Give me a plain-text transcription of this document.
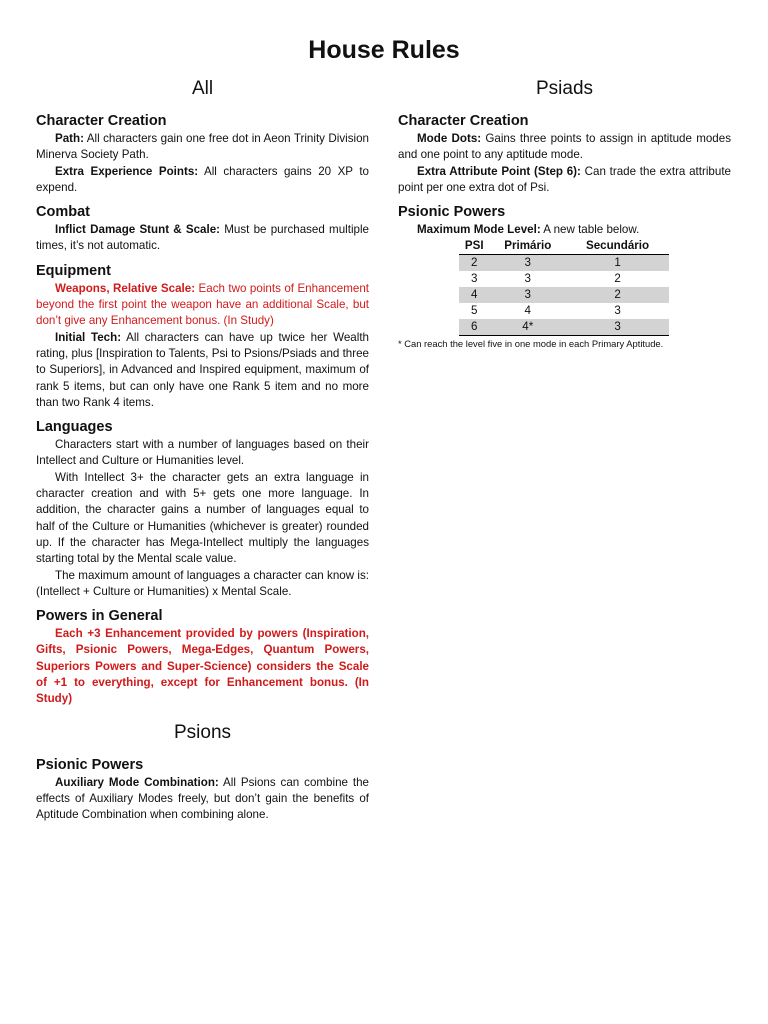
House Rules
All
Character Creation

Path: All characters gain one free dot in Aeon Trinity Division Minerva Society Path.

Extra Experience Points: All characters gains 20 XP to expend.

Combat

Inflict Damage Stunt & Scale: Must be purchased multiple times, it’s not automatic.

Equipment

Weapons, Relative Scale: Each two points of Enhancement beyond the first point the weapon have an additional Scale, but don’t give any Enhancement bonus. (In Study)

Initial Tech: All characters can have up twice her Wealth rating, plus [Inspiration to Talents, Psi to Psions/Psiads and three to Superiors], in Advanced and Inspired equipment, maximum of rank 5 items, but can only have one Rank 5 item and no more than two Rank 4 items.

Languages

Characters start with a number of languages based on their Intellect and Culture or Humanities level.

With Intellect 3+ the character gets an extra language in character creation and with 5+ gets one more language. In addition, the character gains a number of languages equal to half of the Culture or Humanities (whichever is greater) rounded up. If the character has Mega-Intellect multiply the languages starting total by the Mental scale value.

The maximum amount of languages a character can know is: (Intellect + Culture or Humanities) x Mental Scale.

Powers in General

Each +3 Enhancement provided by powers (Inspiration, Gifts, Psionic Powers, Mega-Edges, Quantum Powers, Superiors Powers and Super-Science) considers the Scale of +1 to everything, except for Enhancement bonus. (In Study)

Psions
Psionic Powers

Auxiliary Mode Combination: All Psions can combine the effects of Auxiliary Modes freely, but don’t gain the benefits of Aptitude Combination when combining alone.

Psiads
Character Creation

Mode Dots: Gains three points to assign in aptitude modes and one point to any aptitude mode.

Extra Attribute Point (Step 6): Can trade the extra attribute point per one extra dot of Psi.

Psionic Powers

Maximum Mode Level: A new table below.

PSI	Primário	Secundário
2	3	1
3	3	2
4	3	2
5	4	3
6	4*	3
* Can reach the level five in one mode in each Primary Aptitude.
